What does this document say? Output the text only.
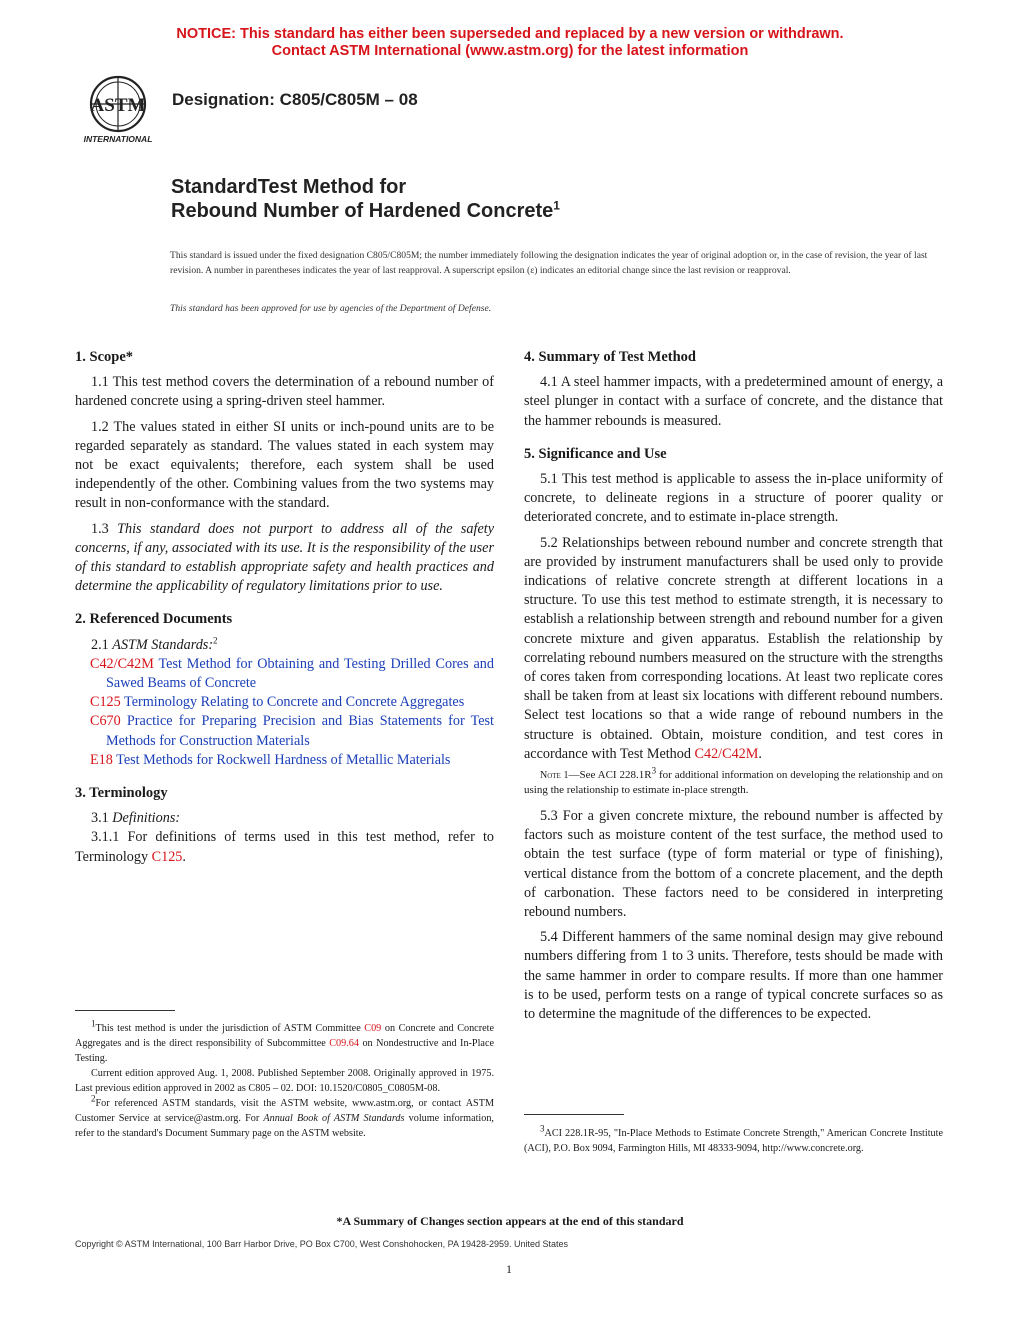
NOTICE: This standard has either been superseded and replaced by a new version or withdrawn.
Contact ASTM International (www.astm.org) for the latest information
ASTM
INTERNATIONAL
Designation: C805/C805M – 08
StandardTest Method for
Rebound Number of Hardened Concrete$^1$
This standard is issued under the fixed designation C805/C805M; the number immediately following the designation indicates the year of original adoption or, in the case of revision, the year of last revision. A number in parentheses indicates the year of last reapproval. A superscript epsilon (ε) indicates an editorial change since the last revision or reapproval.
This standard has been approved for use by agencies of the Department of Defense.
1. Scope*

1.1 This test method covers the determination of a rebound number of hardened concrete using a spring-driven steel hammer.

1.2 The values stated in either SI units or inch-pound units are to be regarded separately as standard. The values stated in each system may not be exact equivalents; therefore, each system shall be used independently of the other. Combining values from the two systems may result in non-conformance with the standard.

1.3 This standard does not purport to address all of the safety concerns, if any, associated with its use. It is the responsibility of the user of this standard to establish appropriate safety and health practices and determine the applicability of regulatory limitations prior to use.

2. Referenced Documents

2.1 ASTM Standards:$^2$

C42/C42M Test Method for Obtaining and Testing Drilled Cores and Sawed Beams of Concrete

C125 Terminology Relating to Concrete and Concrete Aggregates

C670 Practice for Preparing Precision and Bias Statements for Test Methods for Construction Materials

E18 Test Methods for Rockwell Hardness of Metallic Materials

3. Terminology

3.1 Definitions:

3.1.1 For definitions of terms used in this test method, refer to Terminology C125.

$^1$This test method is under the jurisdiction of ASTM Committee C09 on Concrete and Concrete Aggregates and is the direct responsibility of Subcommittee C09.64 on Nondestructive and In-Place Testing.

Current edition approved Aug. 1, 2008. Published September 2008. Originally approved in 1975. Last previous edition approved in 2002 as C805 – 02. DOI: 10.1520/C0805_C0805M-08.

$^2$For referenced ASTM standards, visit the ASTM website, www.astm.org, or contact ASTM Customer Service at service@astm.org. For Annual Book of ASTM Standards volume information, refer to the standard's Document Summary page on the ASTM website.

4. Summary of Test Method

4.1 A steel hammer impacts, with a predetermined amount of energy, a steel plunger in contact with a surface of concrete, and the distance that the hammer rebounds is measured.

5. Significance and Use

5.1 This test method is applicable to assess the in-place uniformity of concrete, to delineate regions in a structure of poorer quality or deteriorated concrete, and to estimate in-place strength.

5.2 Relationships between rebound number and concrete strength that are provided by instrument manufacturers shall be used only to provide indications of relative concrete strength at different locations in a structure. To use this test method to estimate strength, it is necessary to establish a relationship between strength and rebound number for a given concrete mixture and given apparatus. Establish the relationship by correlating rebound numbers measured on the structure with the strengths of cores taken from corresponding locations. At least two replicate cores shall be taken from at least six locations with different rebound numbers. Select test locations so that a wide range of rebound numbers in the structure is obtained. Obtain, moisture condition, and test cores in accordance with Test Method C42/C42M.

Note 1—See ACI $228.1R^3$ for additional information on developing the relationship and on using the relationship to estimate in-place strength.

5.3 For a given concrete mixture, the rebound number is affected by factors such as moisture content of the test surface, the method used to obtain the test surface (type of form material or type of finishing), vertical distance from the bottom of a concrete placement, and the depth of carbonation. These factors need to be considered in interpreting rebound numbers.

5.4 Different hammers of the same nominal design may give rebound numbers differing from 1 to 3 units. Therefore, tests should be made with the same hammer in order to compare results. If more than one hammer is to be used, perform tests on a range of typical concrete surfaces so as to determine the magnitude of the differences to be expected.

$^3$ACI 228.1R-95, "In-Place Methods to Estimate Concrete Strength," American Concrete Institute (ACI), P.O. Box 9094, Farmington Hills, MI 48333-9094, http://www.concrete.org.

*A Summary of Changes section appears at the end of this standard
Copyright © ASTM International, 100 Barr Harbor Drive, PO Box C700, West Conshohocken, PA 19428-2959. United States
1
